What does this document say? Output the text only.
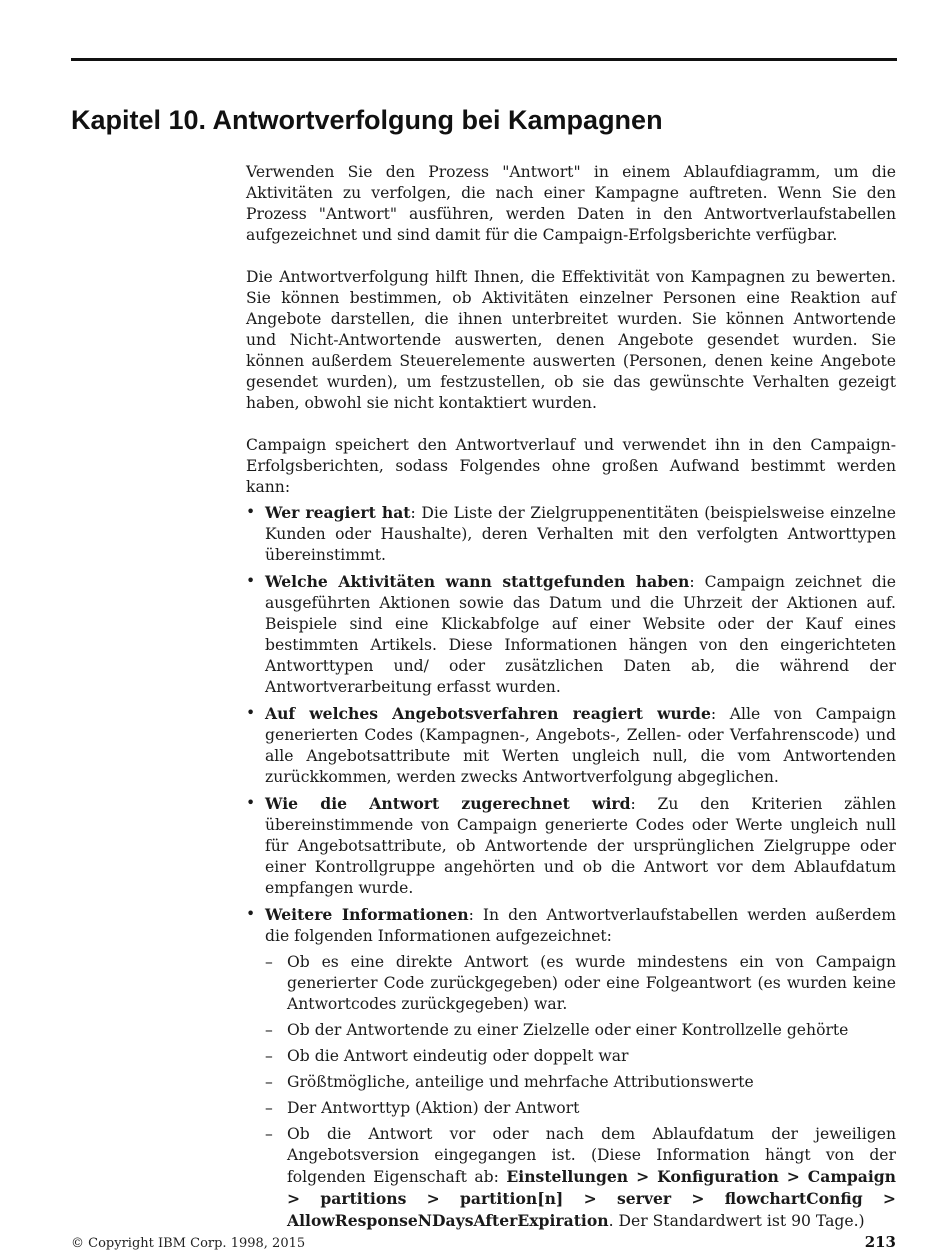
Kapitel 10. Antwortverfolgung bei Kampagnen

Verwenden Sie den Prozess "Antwort" in einem Ablaufdiagramm, um die Aktivitäten zu verfolgen, die nach einer Kampagne auftreten. Wenn Sie den Prozess "Antwort" ausführen, werden Daten in den Antwortverlaufstabellen aufgezeichnet und sind damit für die Campaign-Erfolgsberichte verfügbar.

Die Antwortverfolgung hilft Ihnen, die Effektivität von Kampagnen zu bewerten. Sie können bestimmen, ob Aktivitäten einzelner Personen eine Reaktion auf Angebote darstellen, die ihnen unterbreitet wurden. Sie können Antwortende und Nicht-Antwortende auswerten, denen Angebote gesendet wurden. Sie können außerdem Steuerelemente auswerten (Personen, denen keine Angebote gesendet wurden), um festzustellen, ob sie das gewünschte Verhalten gezeigt haben, obwohl sie nicht kontaktiert wurden.

Campaign speichert den Antwortverlauf und verwendet ihn in den Campaign-Erfolgsberichten, sodass Folgendes ohne großen Aufwand bestimmt werden kann:

• Wer reagiert hat: Die Liste der Zielgruppenentitäten (beispielsweise einzelne Kunden oder Haushalte), deren Verhalten mit den verfolgten Antworttypen übereinstimmt.
• Welche Aktivitäten wann stattgefunden haben: Campaign zeichnet die ausgeführten Aktionen sowie das Datum und die Uhrzeit der Aktionen auf. Beispiele sind eine Klickabfolge auf einer Website oder der Kauf eines bestimmten Artikels. Diese Informationen hängen von den eingerichteten Antworttypen und/ oder zusätzlichen Daten ab, die während der Antwortverarbeitung erfasst wurden.
• Auf welches Angebotsverfahren reagiert wurde: Alle von Campaign generierten Codes (Kampagnen-, Angebots-, Zellen- oder Verfahrenscode) und alle Angebotsattribute mit Werten ungleich null, die vom Antwortenden zurückkommen, werden zwecks Antwortverfolgung abgeglichen.
• Wie die Antwort zugerechnet wird: Zu den Kriterien zählen übereinstimmende von Campaign generierte Codes oder Werte ungleich null für Angebotsattribute, ob Antwortende der ursprünglichen Zielgruppe oder einer Kontrollgruppe angehörten und ob die Antwort vor dem Ablaufdatum empfangen wurde.
• Weitere Informationen: In den Antwortverlaufstabellen werden außerdem die folgenden Informationen aufgezeichnet:
– Ob es eine direkte Antwort (es wurde mindestens ein von Campaign generierter Code zurückgegeben) oder eine Folgeantwort (es wurden keine Antwortcodes zurückgegeben) war.
– Ob der Antwortende zu einer Zielzelle oder einer Kontrollzelle gehörte
– Ob die Antwort eindeutig oder doppelt war
– Größtmögliche, anteilige und mehrfache Attributionswerte
– Der Antworttyp (Aktion) der Antwort
– Ob die Antwort vor oder nach dem Ablaufdatum der jeweiligen Angebotsversion eingegangen ist. (Diese Information hängt von der folgenden Eigenschaft ab: Einstellungen > Konfiguration > Campaign > partitions > partition[n] > server > flowchartConfig > AllowResponseNDaysAfterExpiration. Der Standardwert ist 90 Tage.)
© Copyright IBM Corp. 1998, 2015	213
